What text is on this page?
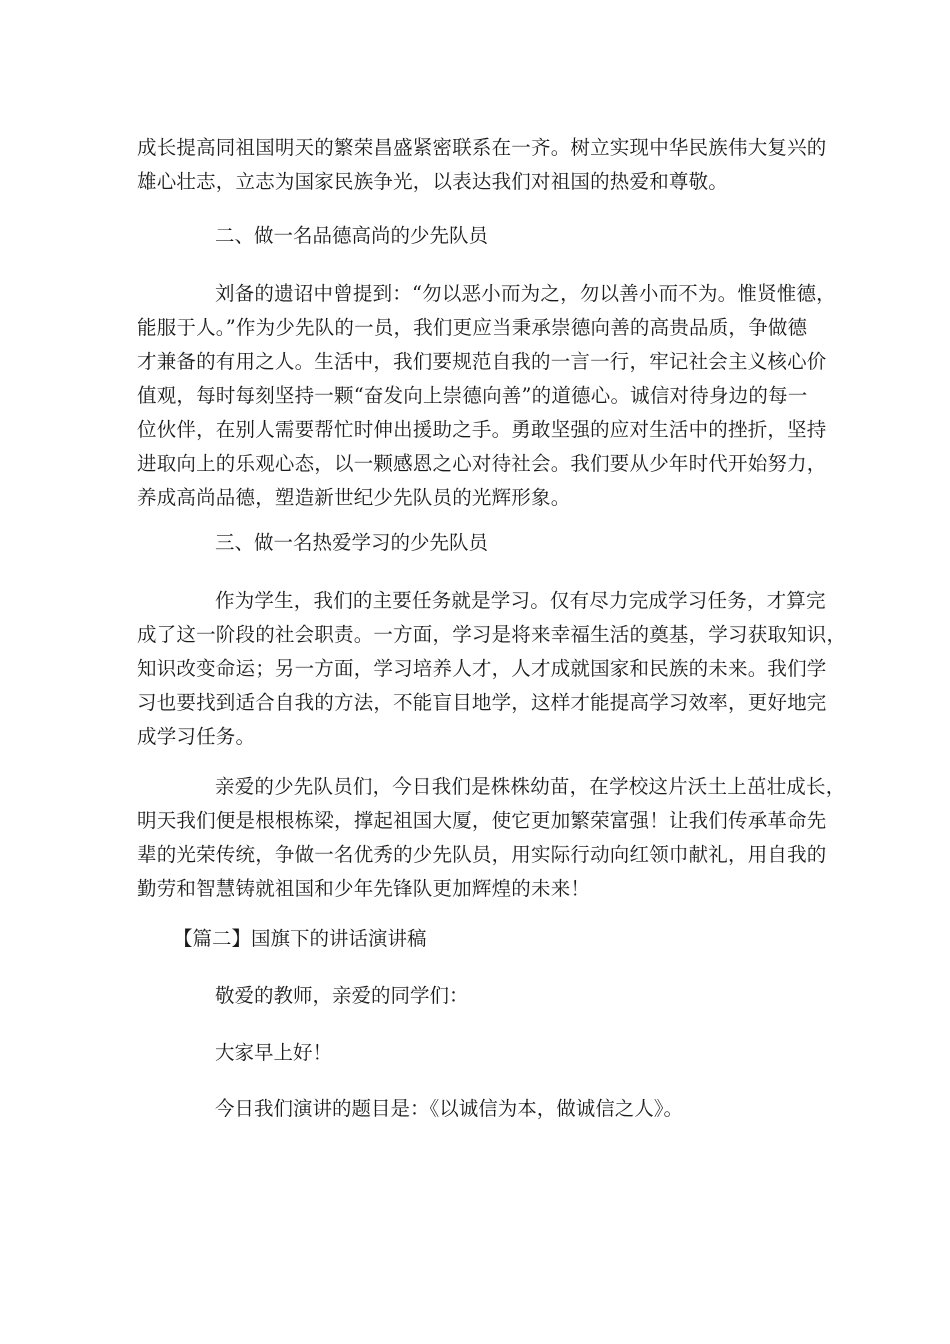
成长提高同祖国明天的繁荣昌盛紧密联系在一齐。树立实现中华民族伟大复兴的
雄心壮志，立志为国家民族争光，以表达我们对祖国的热爱和尊敬。

二、做一名品德高尚的少先队员

刘备的遗诏中曾提到：“勿以恶小而为之，勿以善小而不为。惟贤惟德，
能服于人。”作为少先队的一员，我们更应当秉承崇德向善的高贵品质，争做德
才兼备的有用之人。生活中，我们要规范自我的一言一行，牢记社会主义核心价
值观，每时每刻坚持一颗“奋发向上崇德向善”的道德心。诚信对待身边的每一
位伙伴，在别人需要帮忙时伸出援助之手。勇敢坚强的应对生活中的挫折，坚持
进取向上的乐观心态，以一颗感恩之心对待社会。我们要从少年时代开始努力，
养成高尚品德，塑造新世纪少先队员的光辉形象。

三、做一名热爱学习的少先队员

作为学生，我们的主要任务就是学习。仅有尽力完成学习任务，才算完
成了这一阶段的社会职责。一方面，学习是将来幸福生活的奠基，学习获取知识，
知识改变命运；另一方面，学习培养人才，人才成就国家和民族的未来。我们学
习也要找到适合自我的方法，不能盲目地学，这样才能提高学习效率，更好地完
成学习任务。
亲爱的少先队员们，今日我们是株株幼苗，在学校这片沃土上茁壮成长，
明天我们便是根根栋梁，撑起祖国大厦，使它更加繁荣富强！让我们传承革命先
辈的光荣传统，争做一名优秀的少先队员，用实际行动向红领巾献礼，用自我的
勤劳和智慧铸就祖国和少年先锋队更加辉煌的未来！

【篇二】国旗下的讲话演讲稿

敬爱的教师，亲爱的同学们：

大家早上好！

今日我们演讲的题目是：《以诚信为本，做诚信之人》。
